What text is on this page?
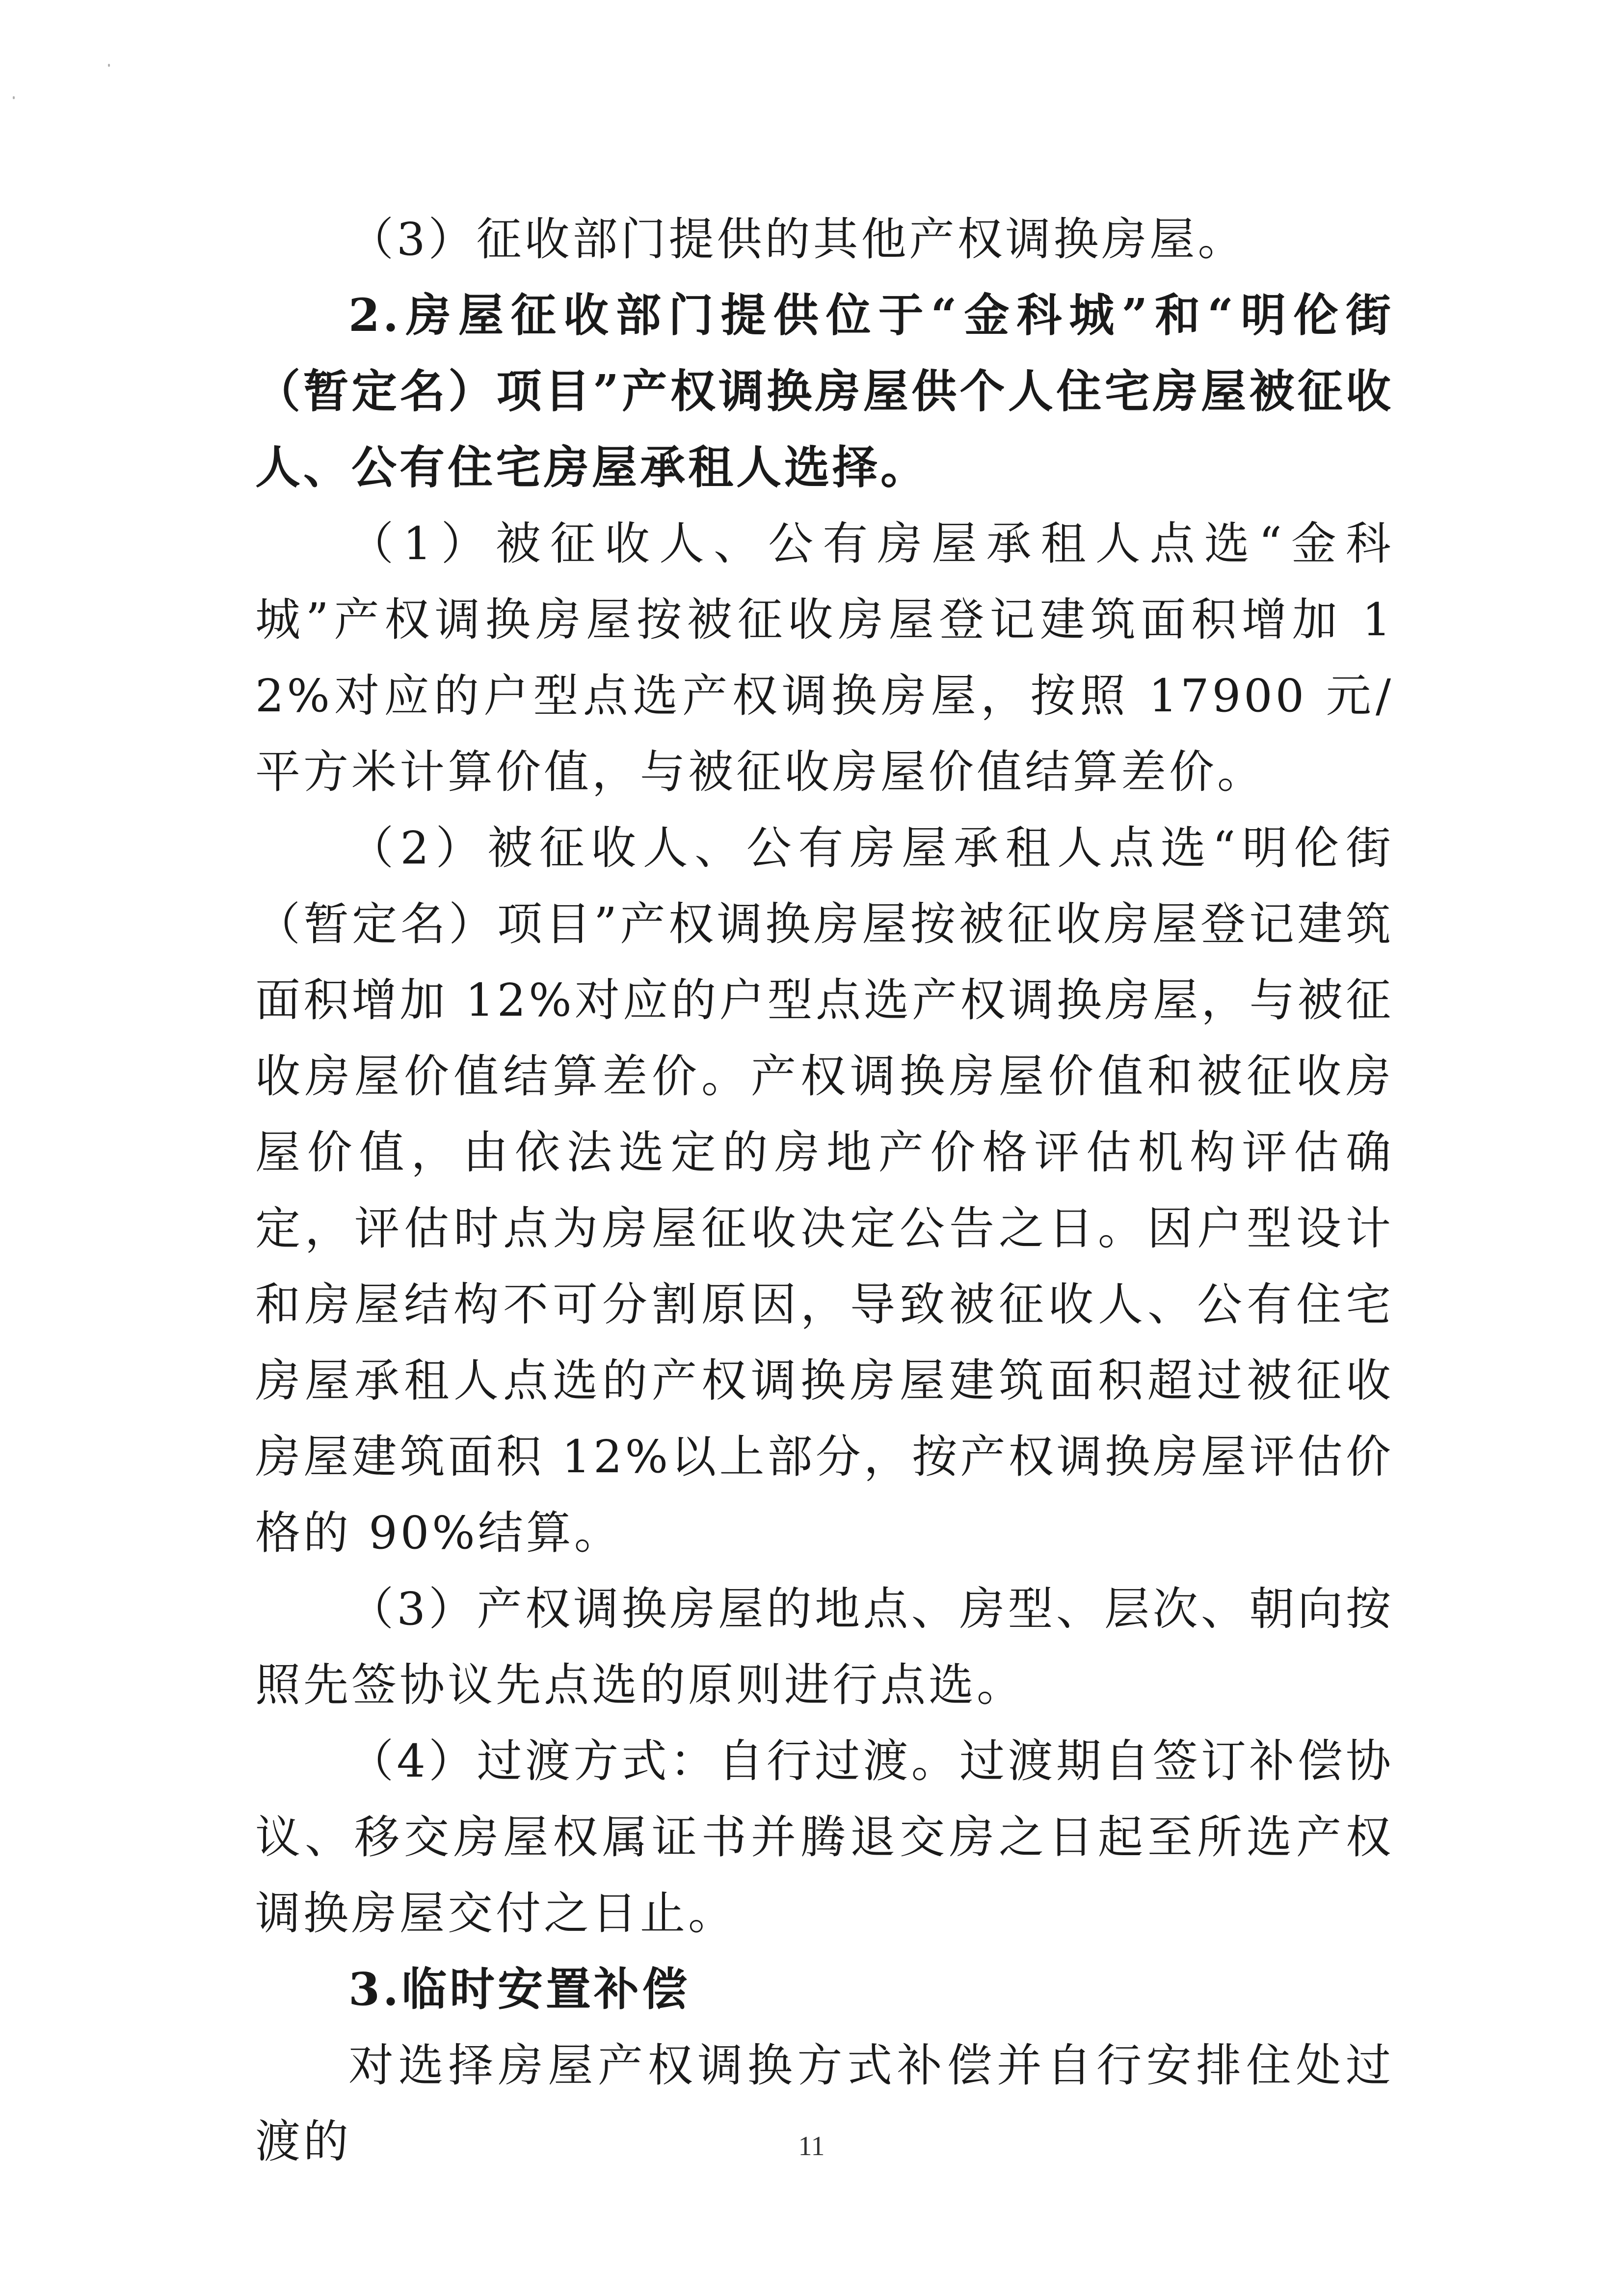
（3）征收部门提供的其他产权调换房屋。

2.房屋征收部门提供位于“金科城”和“明伦街（暂定名）项目”产权调换房屋供个人住宅房屋被征收人、公有住宅房屋承租人选择。

（1）被征收人、公有房屋承租人点选“金科城”产权调换房屋按被征收房屋登记建筑面积增加 12%对应的户型点选产权调换房屋，按照 17900 元/平方米计算价值，与被征收房屋价值结算差价。

（2）被征收人、公有房屋承租人点选“明伦街（暂定名）项目”产权调换房屋按被征收房屋登记建筑面积增加 12%对应的户型点选产权调换房屋，与被征收房屋价值结算差价。产权调换房屋价值和被征收房屋价值，由依法选定的房地产价格评估机构评估确定，评估时点为房屋征收决定公告之日。因户型设计和房屋结构不可分割原因，导致被征收人、公有住宅房屋承租人点选的产权调换房屋建筑面积超过被征收房屋建筑面积 12%以上部分，按产权调换房屋评估价格的 90%结算。

（3）产权调换房屋的地点、房型、层次、朝向按照先签协议先点选的原则进行点选。

（4）过渡方式：自行过渡。过渡期自签订补偿协议、移交房屋权属证书并腾退交房之日起至所选产权调换房屋交付之日止。

3.临时安置补偿

对选择房屋产权调换方式补偿并自行安排住处过渡的	11
